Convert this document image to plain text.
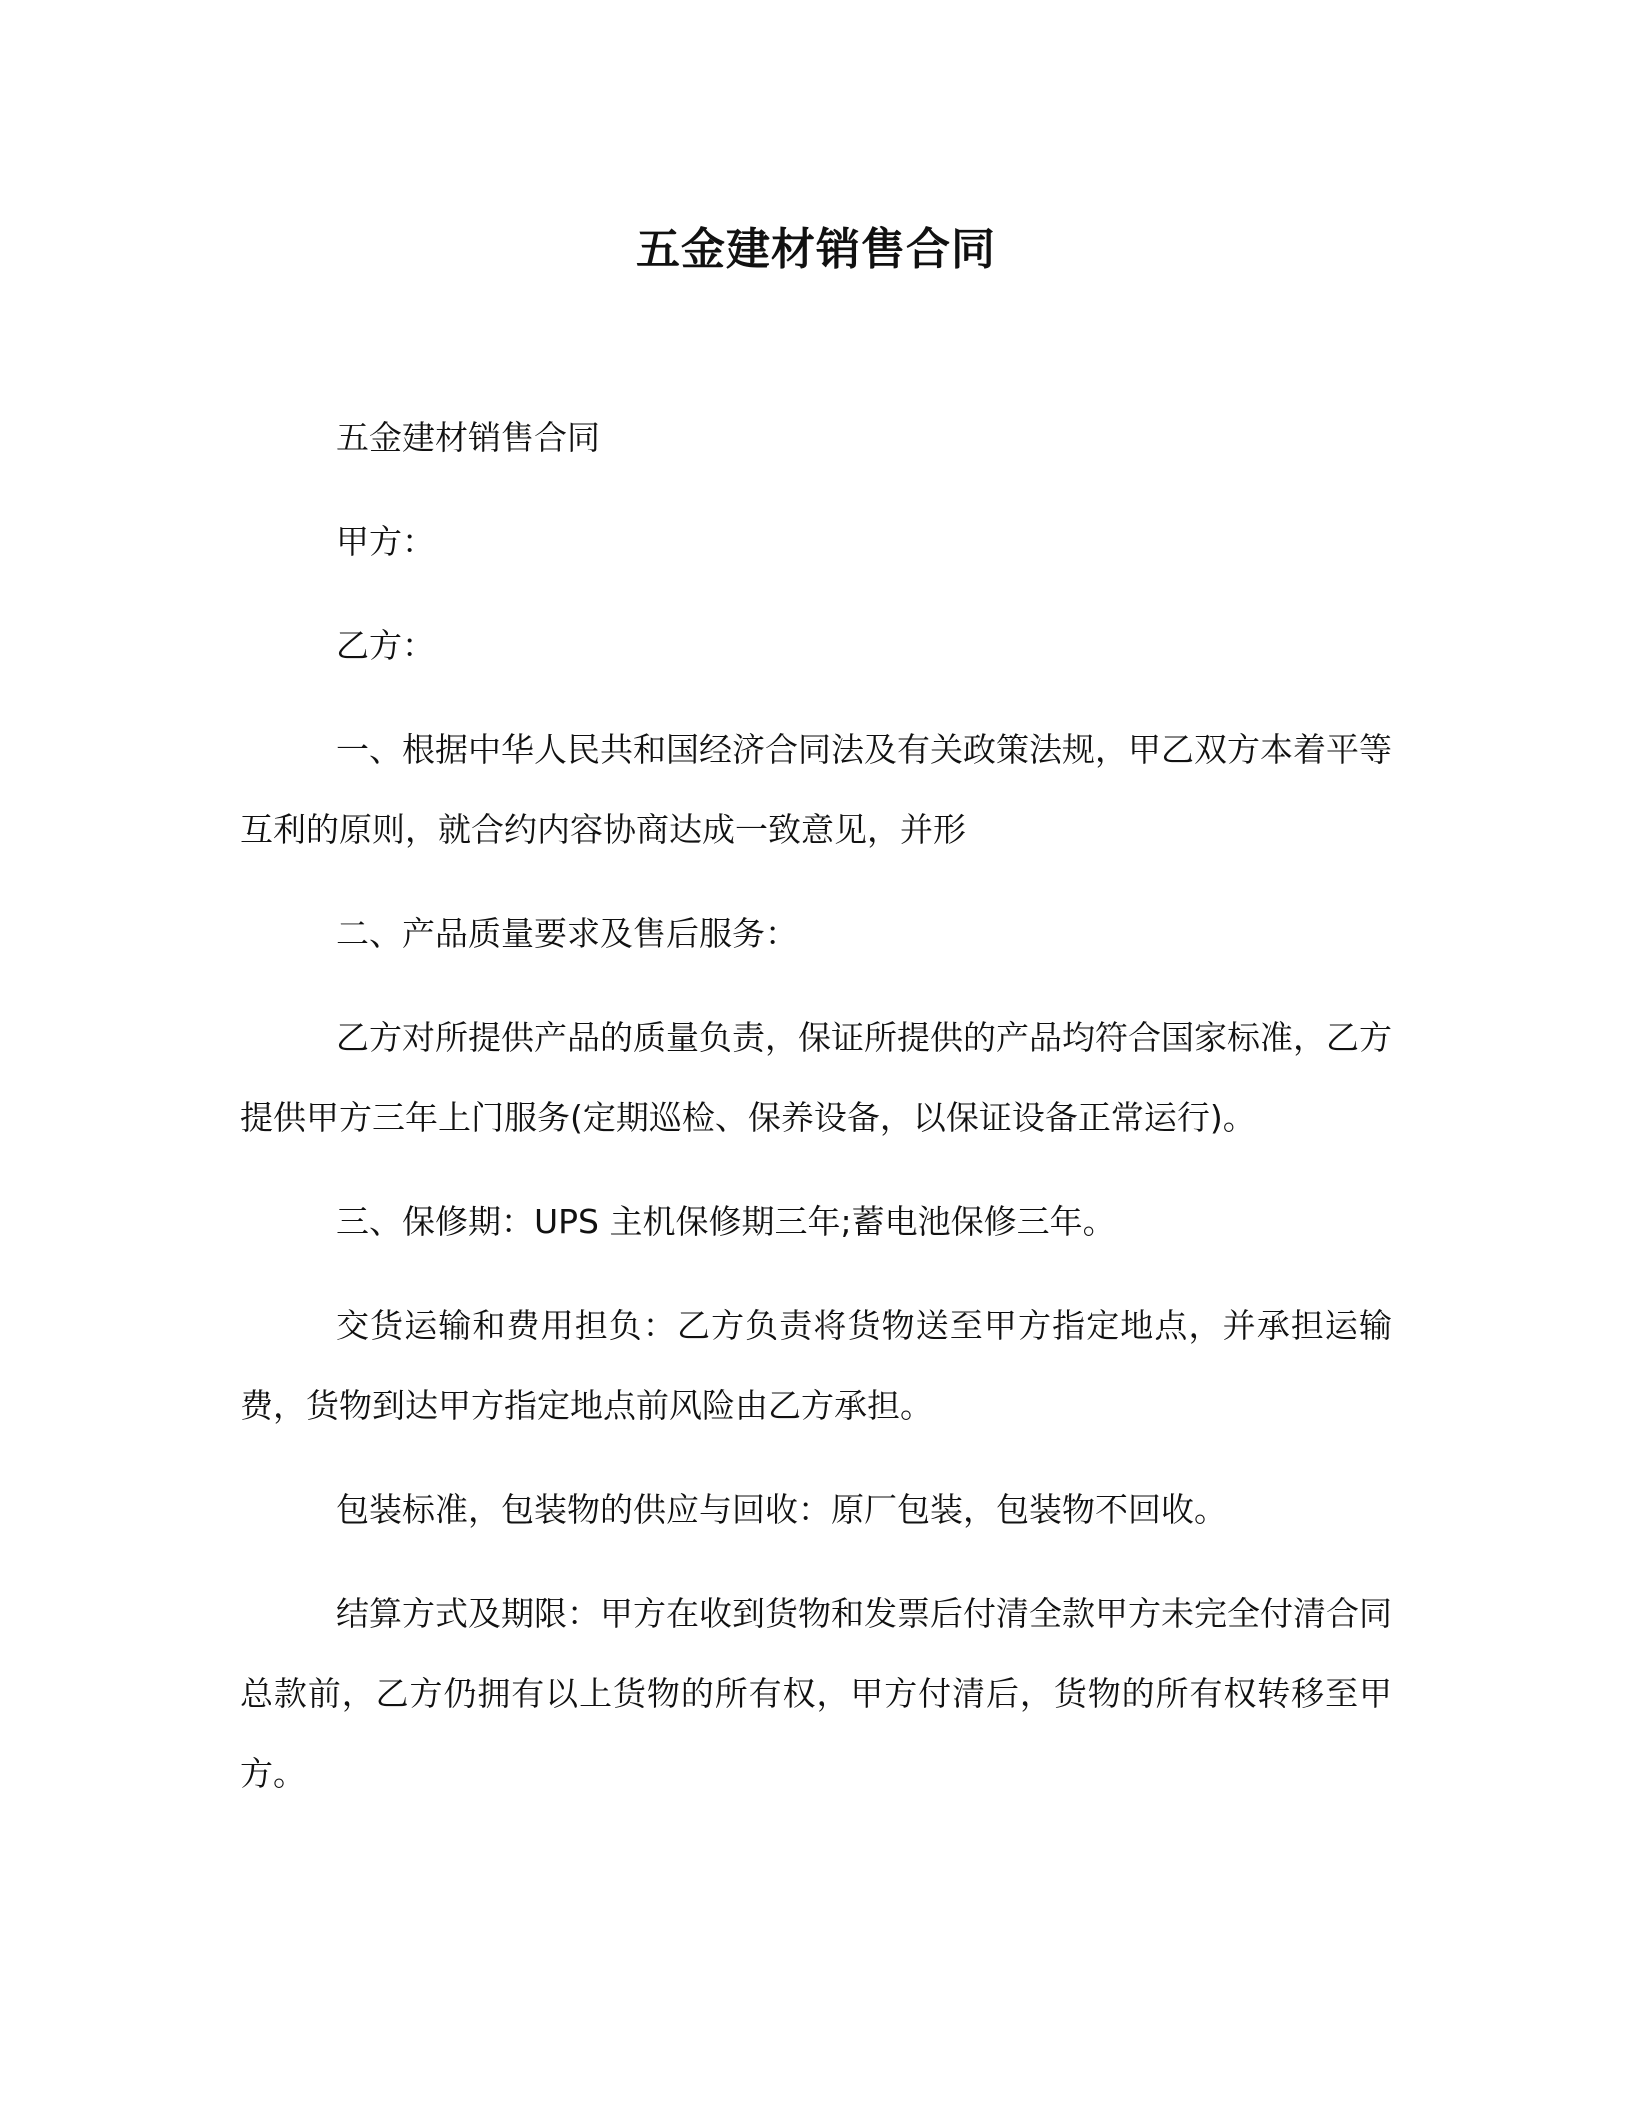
五金建材销售合同

五金建材销售合同

甲方：

乙方：

一、根据中华人民共和国经济合同法及有关政策法规，甲乙双方本着平等互利的原则，就合约内容协商达成一致意见，并形

二、产品质量要求及售后服务：

乙方对所提供产品的质量负责，保证所提供的产品均符合国家标准，乙方提供甲方三年上门服务(定期巡检、保养设备，以保证设备正常运行)。

三、保修期：UPS 主机保修期三年;蓄电池保修三年。

交货运输和费用担负：乙方负责将货物送至甲方指定地点，并承担运输费，货物到达甲方指定地点前风险由乙方承担。

包装标准，包装物的供应与回收：原厂包装，包装物不回收。

结算方式及期限：甲方在收到货物和发票后付清全款甲方未完全付清合同总款前，乙方仍拥有以上货物的所有权，甲方付清后，货物的所有权转移至甲方。
